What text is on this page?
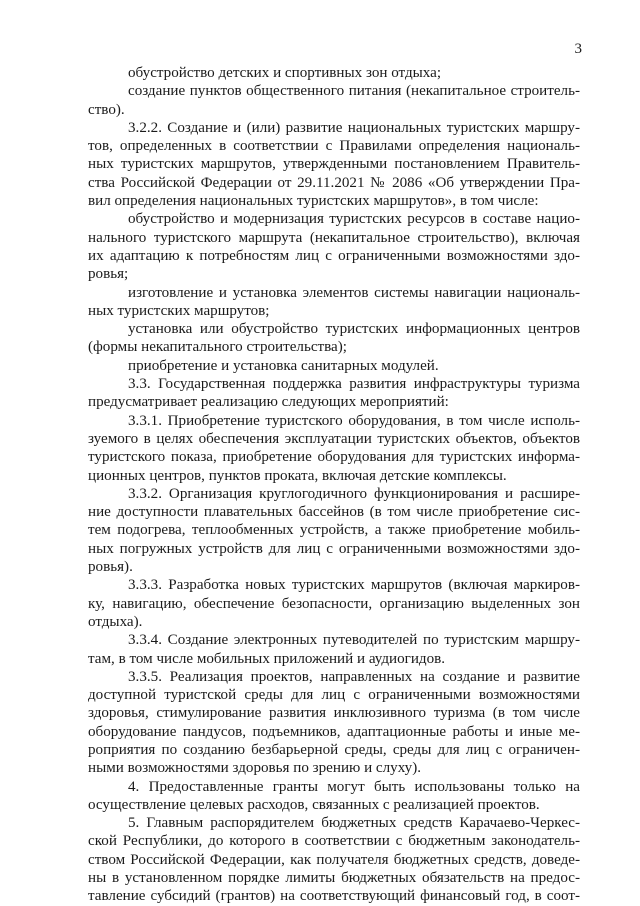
3
обустройство детских и спортивных зон отдыха;
создание пунктов общественного питания (некапитальное строитель-
ство).
3.2.2. Создание и (или) развитие национальных туристских маршру-
тов, определенных в соответствии с Правилами определения националь-
ных туристских маршрутов, утвержденными постановлением Правитель-
ства Российской Федерации от 29.11.2021 № 2086 «Об утверждении Пра-
вил определения национальных туристских маршрутов», в том числе:
обустройство и модернизация туристских ресурсов в составе нацио-
нального туристского маршрута (некапитальное строительство), включая
их адаптацию к потребностям лиц с ограниченными возможностями здо-
ровья;
изготовление и установка элементов системы навигации националь-
ных туристских маршрутов;
установка или обустройство туристских информационных центров
(формы некапитального строительства);
приобретение и установка санитарных модулей.
3.3. Государственная поддержка развития инфраструктуры туризма
предусматривает реализацию следующих мероприятий:
3.3.1. Приобретение туристского оборудования, в том числе исполь-
зуемого в целях обеспечения эксплуатации туристских объектов, объектов
туристского показа, приобретение оборудования для туристских информа-
ционных центров, пунктов проката, включая детские комплексы.
3.3.2. Организация круглогодичного функционирования и расшире-
ние доступности плавательных бассейнов (в том числе приобретение сис-
тем подогрева, теплообменных устройств, а также приобретение мобиль-
ных погружных устройств для лиц с ограниченными возможностями здо-
ровья).
3.3.3. Разработка новых туристских маршрутов (включая маркиров-
ку, навигацию, обеспечение безопасности, организацию выделенных зон
отдыха).
3.3.4. Создание электронных путеводителей по туристским маршру-
там, в том числе мобильных приложений и аудиогидов.
3.3.5. Реализация проектов, направленных на создание и развитие
доступной туристской среды для лиц с ограниченными возможностями
здоровья, стимулирование развития инклюзивного туризма (в том числе
оборудование пандусов, подъемников, адаптационные работы и иные ме-
роприятия по созданию безбарьерной среды, среды для лиц с ограничен-
ными возможностями здоровья по зрению и слуху).
4. Предоставленные гранты могут быть использованы только на
осуществление целевых расходов, связанных с реализацией проектов.
5. Главным распорядителем бюджетных средств Карачаево-Черкес-
ской Республики, до которого в соответствии с бюджетным законодатель-
ством Российской Федерации, как получателя бюджетных средств, доведе-
ны в установленном порядке лимиты бюджетных обязательств на предос-
тавление субсидий (грантов) на соответствующий финансовый год, в соот-
